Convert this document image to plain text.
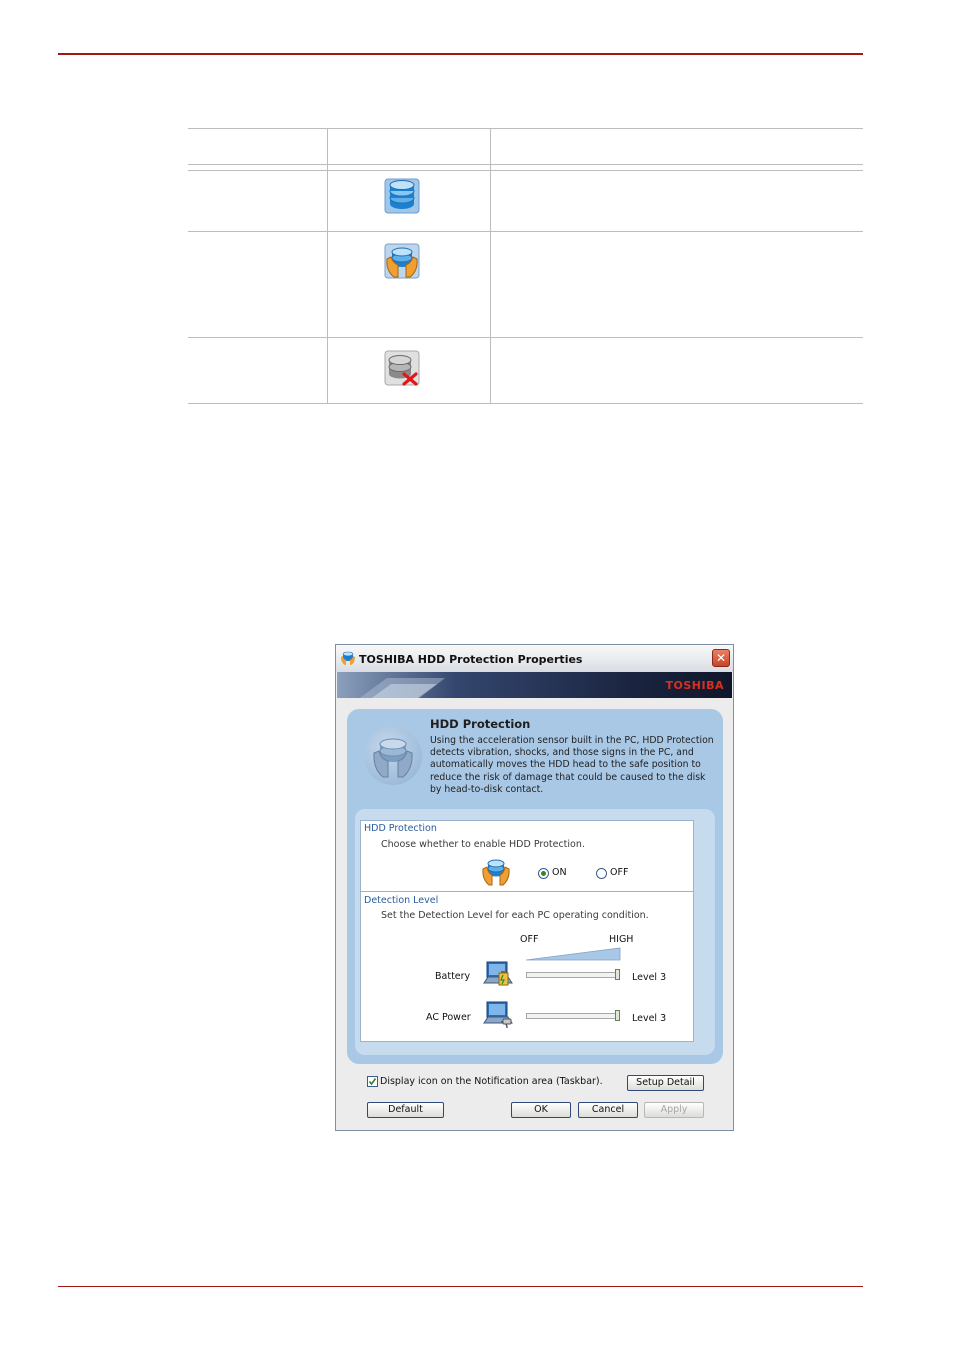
TOSHIBA HDD Protection Properties	✕
TOSHIBA
HDD Protection
Using the acceleration sensor built in the PC, HDD Protection detects vibration, shocks, and those signs in the PC, and automatically moves the HDD head to the safe position to reduce the risk of damage that could be caused to the disk by head-to-disk contact.
HDD Protection
Choose whether to enable HDD Protection.
ON	OFF
Detection Level
Set the Detection Level for each PC operating condition.
OFF	HIGH
Battery	Level 3
AC Power	Level 3
Display icon on the Notification area (Taskbar).	Setup Detail
Default	OK	Cancel	Apply
